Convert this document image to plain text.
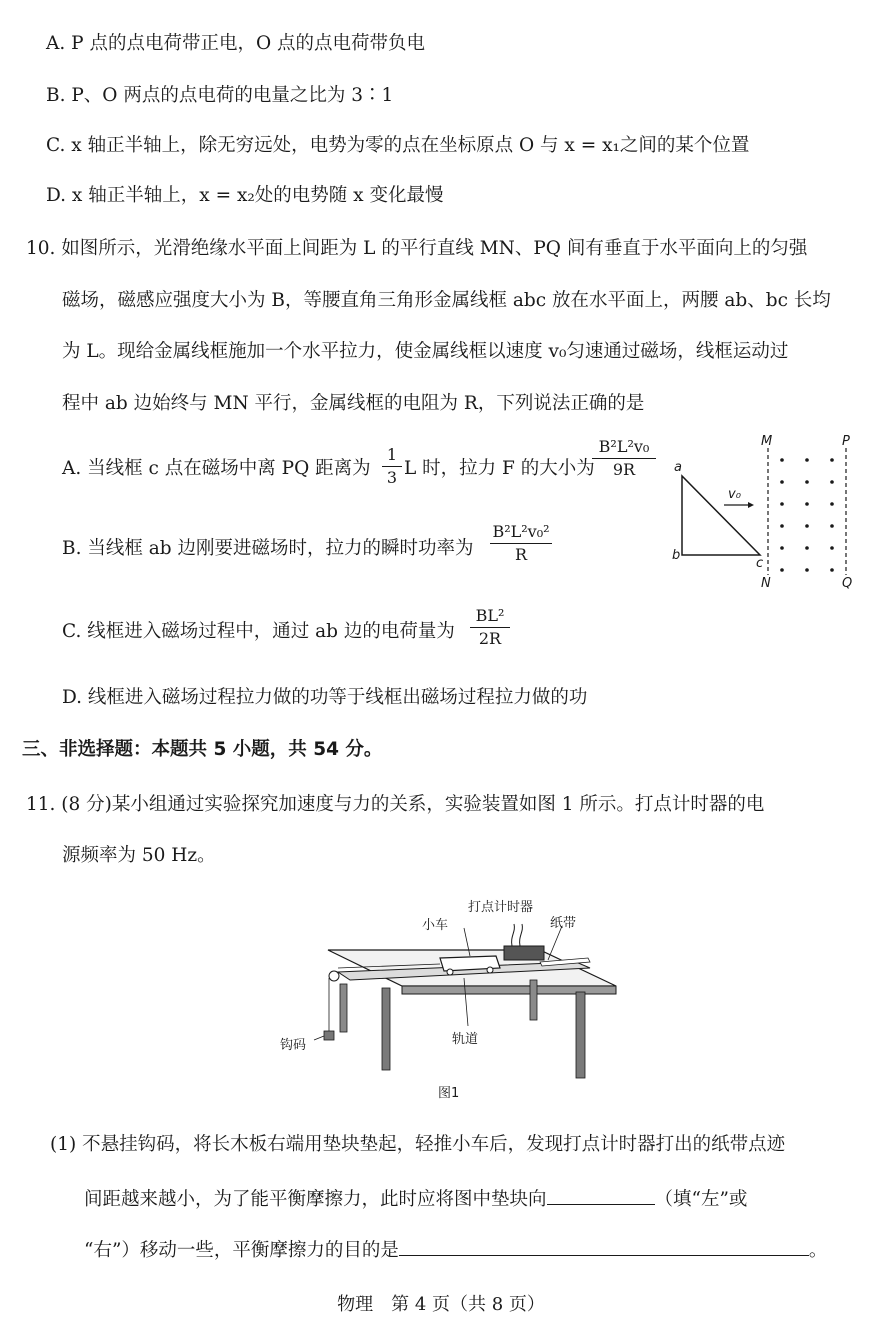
A. P 点的点电荷带正电，O 点的点电荷带负电
B. P、O 两点的点电荷的电量之比为 3∶1
C. x 轴正半轴上，除无穷远处，电势为零的点在坐标原点 O 与 x = x₁之间的某个位置
D. x 轴正半轴上，x = x₂处的电势随 x 变化最慢
10. 如图所示，光滑绝缘水平面上间距为 L 的平行直线 MN、PQ 间有垂直于水平面向上的匀强
磁场，磁感应强度大小为 B，等腰直角三角形金属线框 abc 放在水平面上，两腰 ab、bc 长均
为 L。现给金属线框施加一个水平拉力，使金属线框以速度 v₀匀速通过磁场，线框运动过
程中 ab 边始终与 MN 平行，金属线框的电阻为 R，下列说法正确的是
A. 当线框 c 点在磁场中离 PQ 距离为
1
3 L 时，拉力 F 的大小为
B²L²v₀
9R
B. 当线框 ab 边刚要进磁场时，拉力的瞬时功率为
B²L²v₀²
R
C. 线框进入磁场过程中，通过 ab 边的电荷量为
BL²
2R
D. 线框进入磁场过程拉力做的功等于线框出磁场过程拉力做的功
M	P
N	Q
a
b
c
v₀
三、非选择题：本题共 5 小题，共 54 分。
11. (8 分)某小组通过实验探究加速度与力的关系，实验装置如图 1 所示。打点计时器的电
源频率为 50 Hz。
打点计时器
小车	纸带
钩码	轨道
图1
(1) 不悬挂钩码，将长木板右端用垫块垫起，轻推小车后，发现打点计时器打出的纸带点迹
间距越来越小，为了能平衡摩擦力，此时应将图中垫块向	（填“左”或
“右”）移动一些，平衡摩擦力的目的是	。
物理　第 4 页（共 8 页）
